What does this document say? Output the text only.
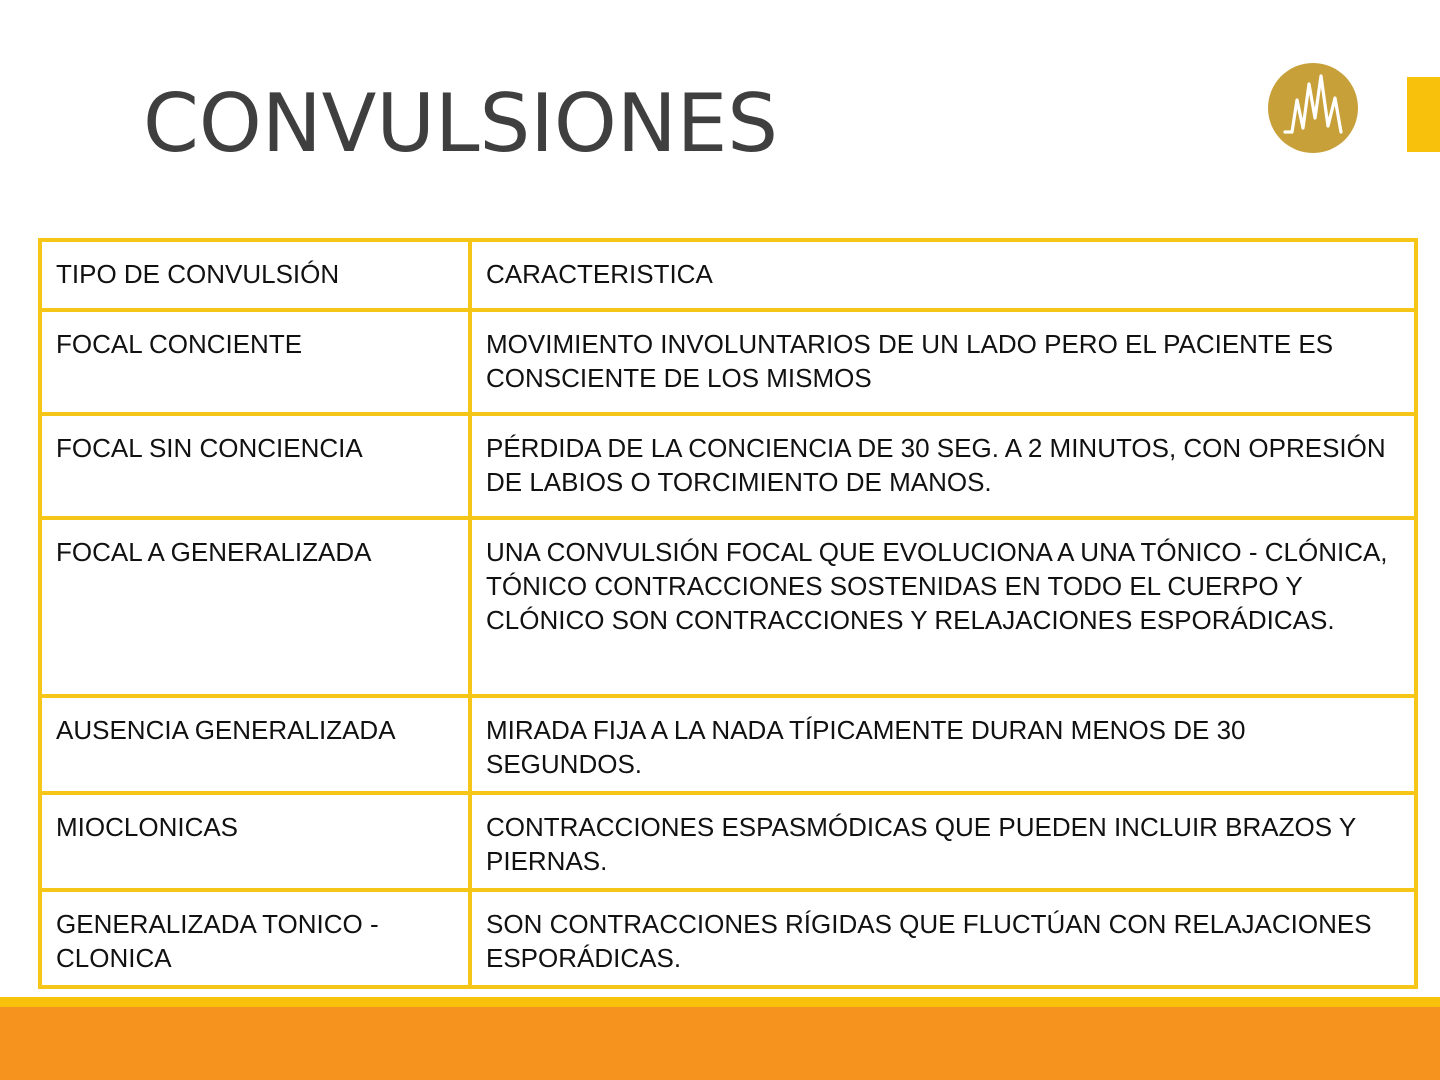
CONVULSIONES
TIPO DE CONVULSIÓN	CARACTERISTICA
FOCAL CONCIENTE	MOVIMIENTO INVOLUNTARIOS DE UN LADO PERO EL PACIENTE ES CONSCIENTE DE LOS MISMOS
FOCAL SIN CONCIENCIA	PÉRDIDA DE LA CONCIENCIA DE 30 SEG. A 2 MINUTOS, CON OPRESIÓN DE LABIOS O TORCIMIENTO DE MANOS.
FOCAL A GENERALIZADA	UNA CONVULSIÓN FOCAL QUE EVOLUCIONA A UNA TÓNICO - CLÓNICA, TÓNICO CONTRACCIONES SOSTENIDAS EN TODO EL CUERPO Y CLÓNICO SON CONTRACCIONES Y RELAJACIONES ESPORÁDICAS.
AUSENCIA GENERALIZADA	MIRADA FIJA A LA NADA TÍPICAMENTE DURAN MENOS DE 30 SEGUNDOS.
MIOCLONICAS	CONTRACCIONES ESPASMÓDICAS QUE PUEDEN INCLUIR BRAZOS Y PIERNAS.
GENERALIZADA TONICO - CLONICA	SON CONTRACCIONES RÍGIDAS QUE FLUCTÚAN CON RELAJACIONES ESPORÁDICAS.
